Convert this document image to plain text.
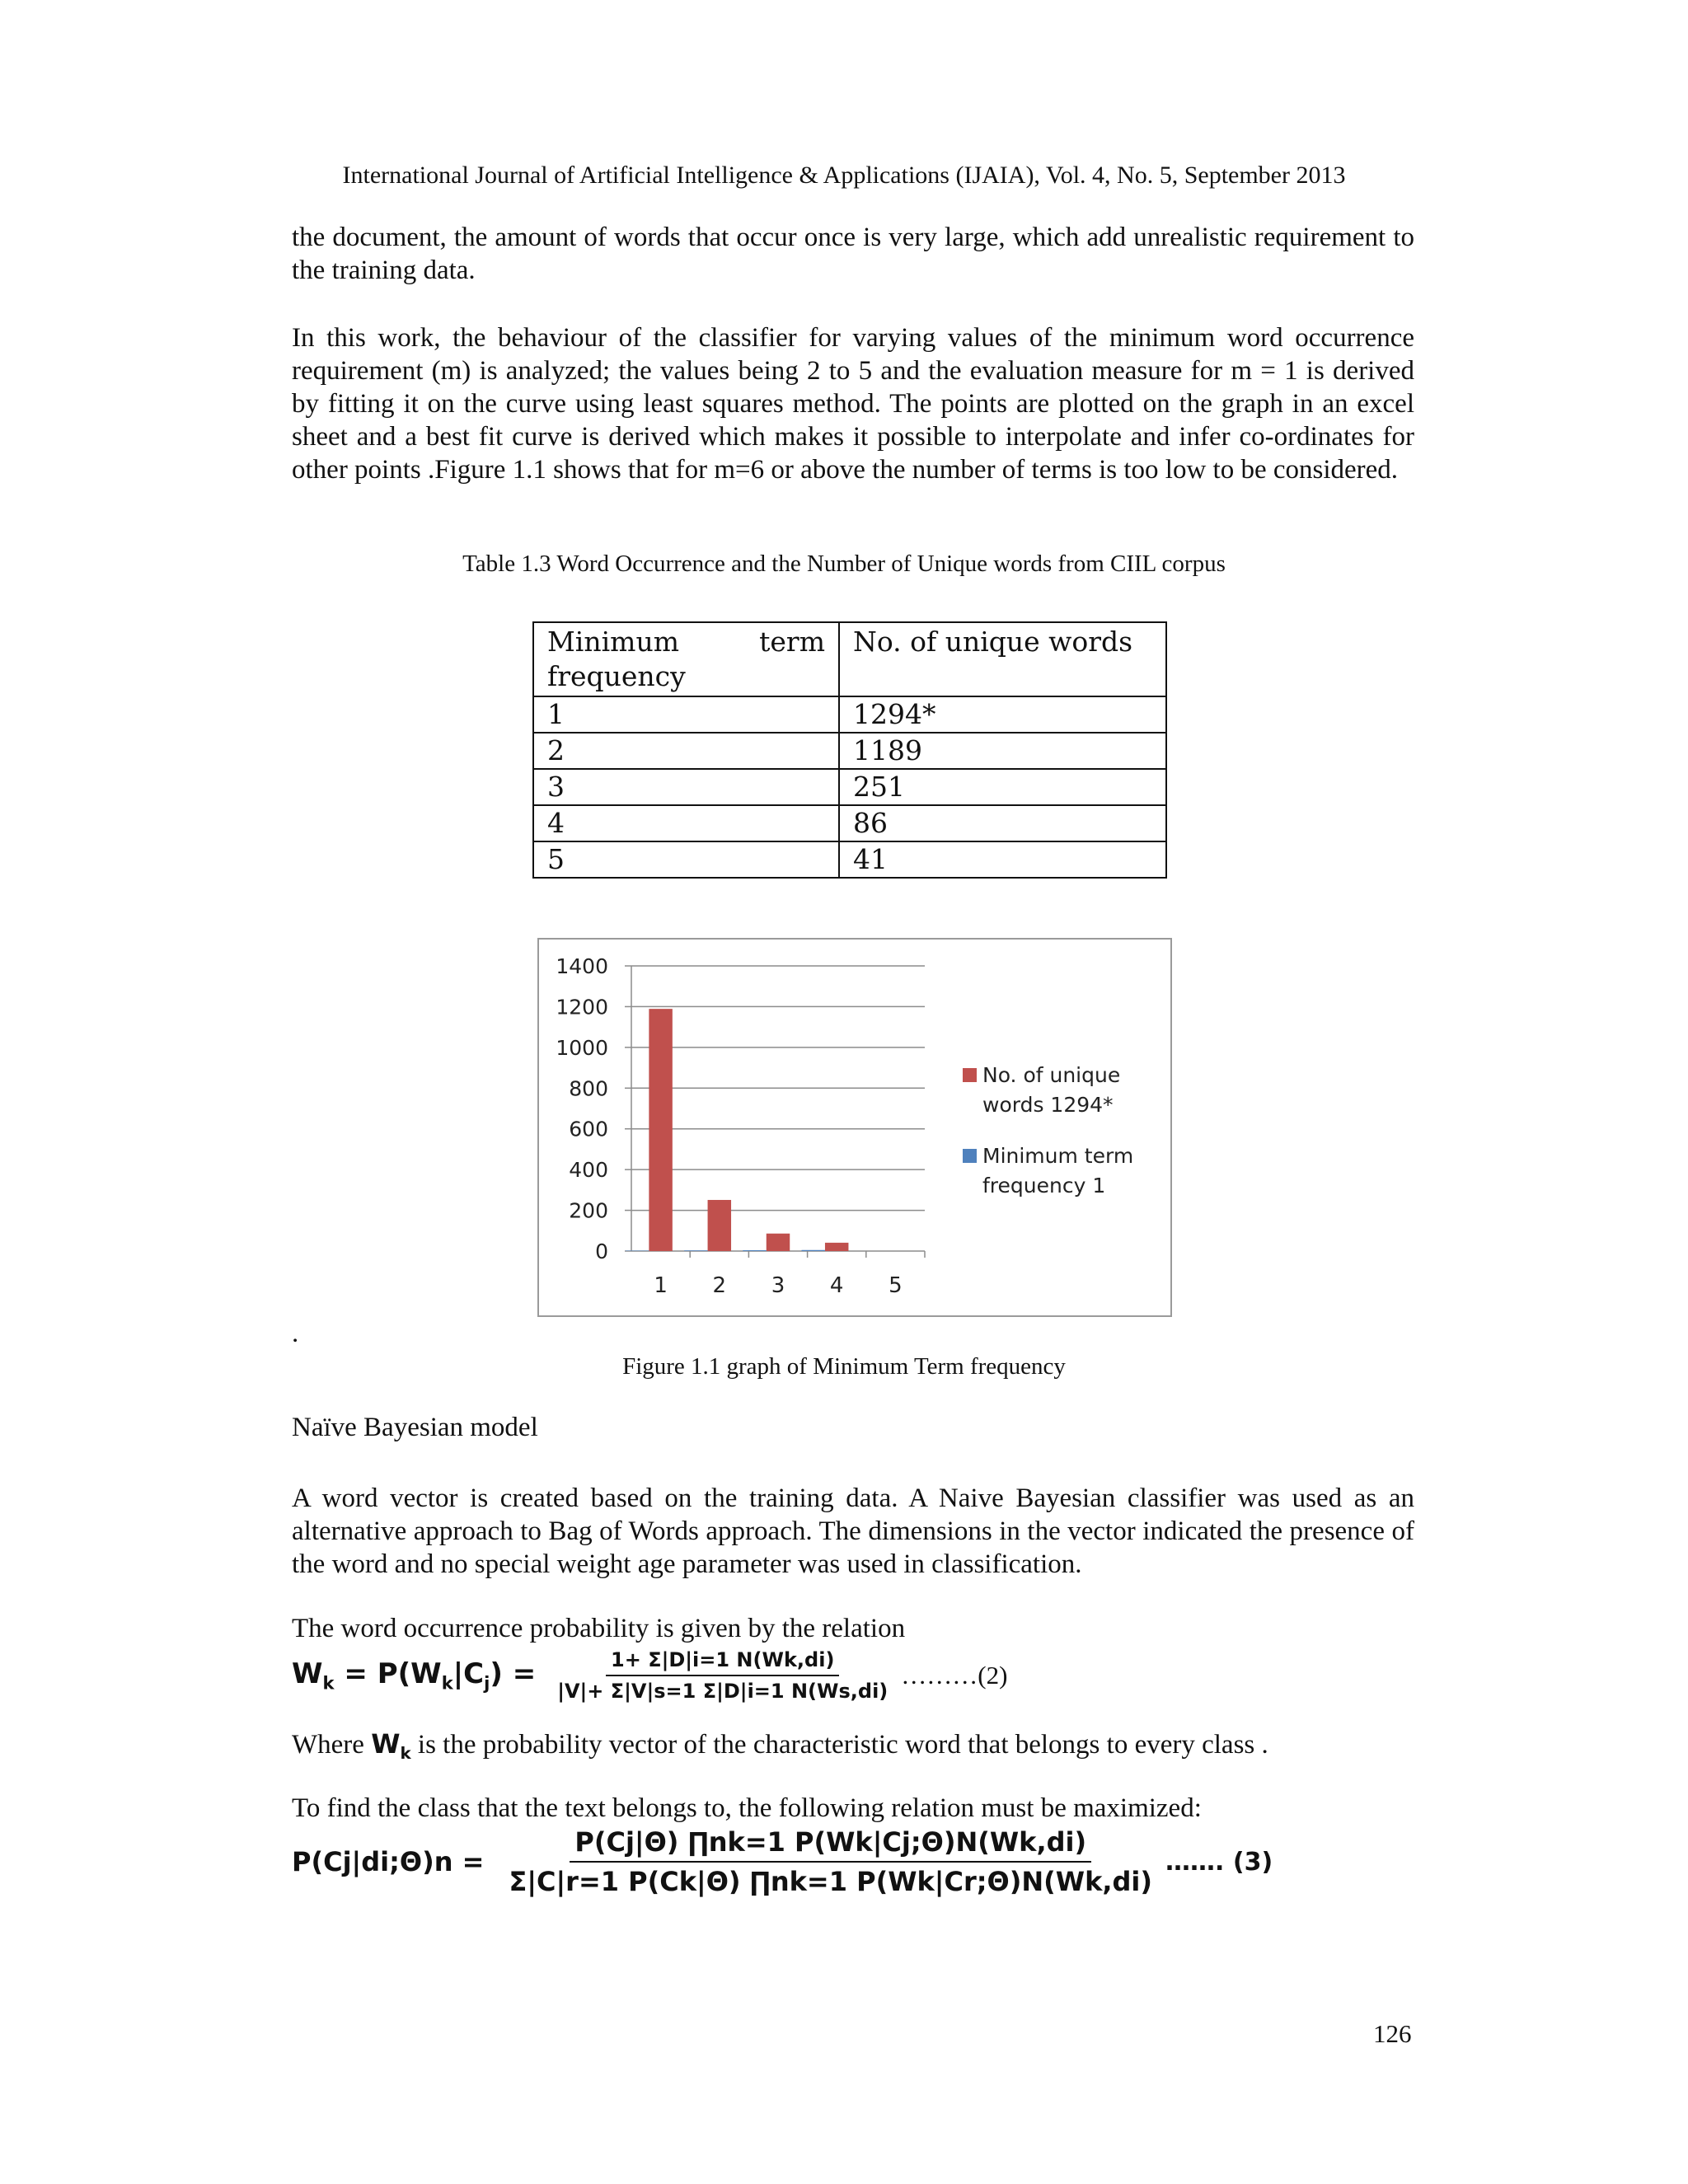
International Journal of Artificial Intelligence & Applications (IJAIA), Vol. 4, No. 5, September 2013
the document, the amount of words that occur once is very large, which add unrealistic requirement to the training data.
In this work, the behaviour of the classifier for varying values of the minimum word occurrence requirement (m) is analyzed; the values being 2 to 5 and the evaluation measure for m = 1 is derived by fitting it on the curve using least squares method. The points are plotted on the graph in an excel sheet and a best fit curve is derived which makes it possible to interpolate and infer co-ordinates for other points .Figure 1.1 shows that for m=6 or above the number of terms is too low to be considered.
Table 1.3 Word Occurrence and the Number of Unique words from CIIL corpus
Minimum term
frequency	No. of unique words
1	1294*
2	1189
3	251
4	86
5	41
1400
1200
1000
800
600
400
200
0
1 2 3 4 5
No. of unique
words 1294*
Minimum term
frequency 1
.
Figure 1.1 graph of Minimum Term frequency
Naïve Bayesian model
A word vector is created based on the training data. A Naive Bayesian classifier was used as an alternative approach to Bag of Words approach. The dimensions in the vector indicated the presence of the word and no special weight age parameter was used in classification.
The word occurrence probability is given by the relation
$W_k = P(W_k|C_j) = \frac{1+ \Sigma|D|i=1 N(Wk,di)}{|V|+ \Sigma|V|s=1 \Sigma|D|i=1 N(Ws,di)}$ ………(2)
Where $W_k$ is the probability vector of the characteristic word that belongs to every class .
To find the class that the text belongs to, the following relation must be maximized:
P(Cj|di;Θ)n = $\frac{P(Cj|\Theta) \prod nk=1 P(Wk|Cj;\Theta)N(Wk,di)}{\Sigma|C|r=1 P(Ck|\Theta) \prod nk=1 P(Wk|Cr;\Theta)N(Wk,di)}$ ……. (3)
126
